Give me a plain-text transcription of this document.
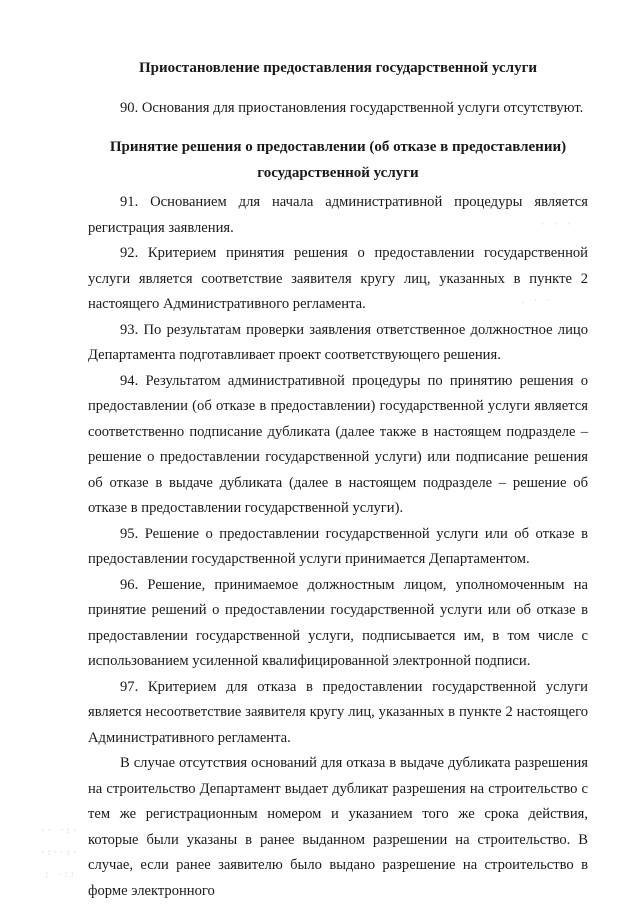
Приостановление предоставления государственной услуги

90. Основания для приостановления государственной услуги отсутствуют.

Принятие решения о предоставлении (об отказе в предоставлении) государственной услуги

91. Основанием для начала административной процедуры является регистрация заявления.

92. Критерием принятия решения о предоставлении государственной услуги является соответствие заявителя кругу лиц, указанных в пункте 2 настоящего Административного регламента.

93. По результатам проверки заявления ответственное должностное лицо Департамента подготавливает проект соответствующего решения.

94. Результатом административной процедуры по принятию решения о предоставлении (об отказе в предоставлении) государственной услуги является соответственно подписание дубликата (далее также в настоящем подразделе – решение о предоставлении государственной услуги) или подписание решения об отказе в выдаче дубликата (далее в настоящем подразделе – решение об отказе в предоставлении государственной услуги).

95. Решение о предоставлении государственной услуги или об отказе в предоставлении государственной услуги принимается Департаментом.

96. Решение, принимаемое должностным лицом, уполномоченным на принятие решений о предоставлении государственной услуги или об отказе в предоставлении государственной услуги, подписывается им, в том числе с использованием усиленной квалифицированной электронной подписи.

97. Критерием для отказа в предоставлении государственной услуги является несоответствие заявителя кругу лиц, указанных в пункте 2 настоящего Административного регламента.

В случае отсутствия оснований для отказа в выдаче дубликата разрешения на строительство Департамент выдает дубликат разрешения на строительство с тем же регистрационным номером и указанием того же срока действия, которые были указаны в ранее выданном разрешении на строительство. В случае, если ранее заявителю было выдано разрешение на строительство в форме электронного

·· ·:·
·:··:·
: ·::
· · ·
. · ·
